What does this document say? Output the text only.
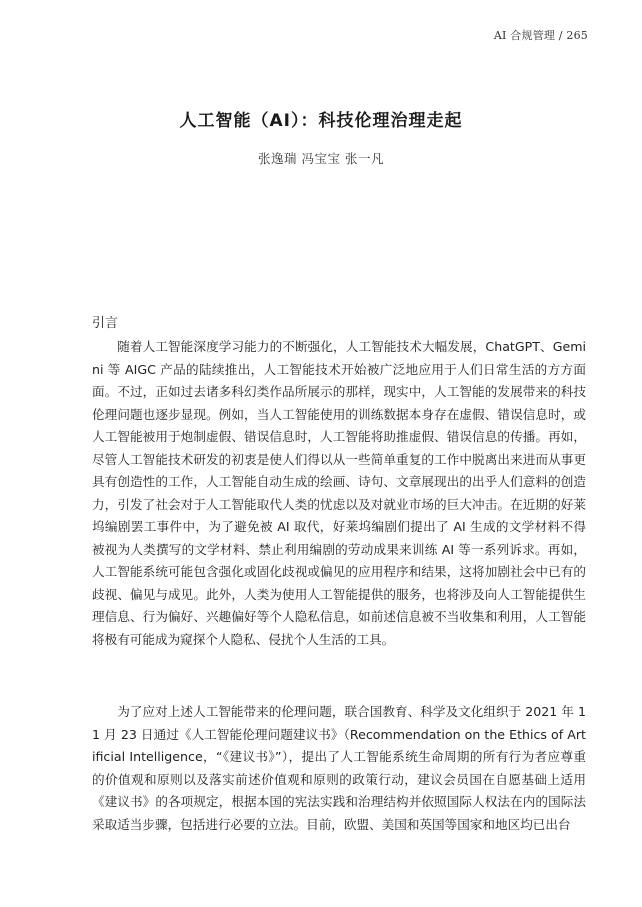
AI 合规管理 / 265
人工智能（AI）：科技伦理治理走起
张逸瑞 冯宝宝 张一凡
引言

随着人工智能深度学习能力的不断强化，人工智能技术大幅发展，ChatGPT、Gemini 等 AIGC 产品的陆续推出，人工智能技术开始被广泛地应用于人们日常生活的方方面面。不过，正如过去诸多科幻类作品所展示的那样，现实中，人工智能的发展带来的科技伦理问题也逐步显现。例如，当人工智能使用的训练数据本身存在虚假、错误信息时，或人工智能被用于炮制虚假、错误信息时，人工智能将助推虚假、错误信息的传播。再如，尽管人工智能技术研发的初衷是使人们得以从一些简单重复的工作中脱离出来进而从事更具有创造性的工作，人工智能自动生成的绘画、诗句、文章展现出的出乎人们意料的创造力，引发了社会对于人工智能取代人类的忧虑以及对就业市场的巨大冲击。在近期的好莱坞编剧罢工事件中，为了避免被 AI 取代，好莱坞编剧们提出了 AI 生成的文学材料不得被视为人类撰写的文学材料、禁止利用编剧的劳动成果来训练 AI 等一系列诉求。再如，人工智能系统可能包含强化或固化歧视或偏见的应用程序和结果，这将加剧社会中已有的歧视、偏见与成见。此外，人类为使用人工智能提供的服务，也将涉及向人工智能提供生理信息、行为偏好、兴趣偏好等个人隐私信息，如前述信息被不当收集和利用，人工智能将极有可能成为窥探个人隐私、侵扰个人生活的工具。

为了应对上述人工智能带来的伦理问题，联合国教育、科学及文化组织于 2021 年 11 月 23 日通过《人工智能伦理问题建议书》（Recommendation on the Ethics of Artificial Intelligence，“《建议书》”），提出了人工智能系统生命周期的所有行为者应尊重的价值观和原则以及落实前述价值观和原则的政策行动，建议会员国在自愿基础上适用《建议书》的各项规定，根据本国的宪法实践和治理结构并依照国际人权法在内的国际法采取适当步骤，包括进行必要的立法。目前，欧盟、美国和英国等国家和地区均已出台
